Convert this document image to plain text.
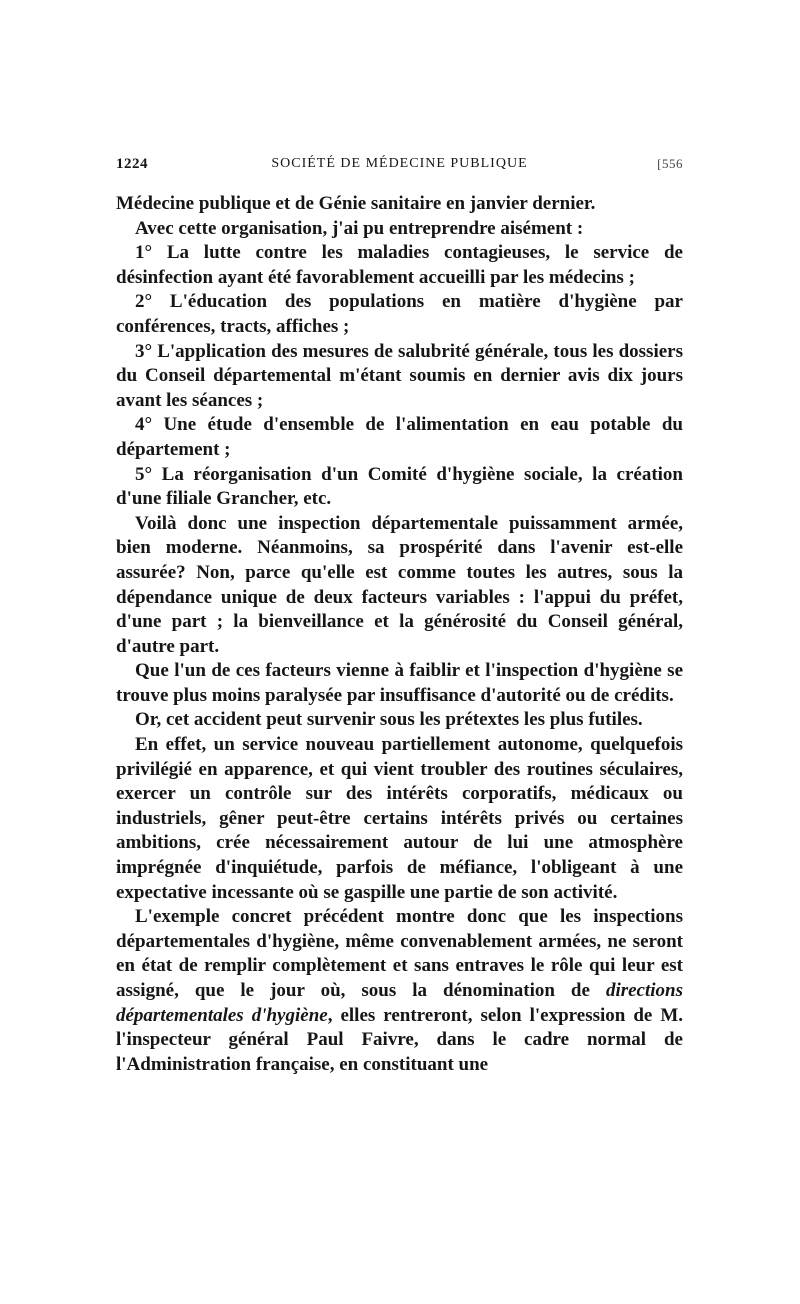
1224	SOCIÉTÉ DE MÉDECINE PUBLIQUE	[556

Médecine publique et de Génie sanitaire en janvier dernier.

Avec cette organisation, j'ai pu entreprendre aisément :

1° La lutte contre les maladies contagieuses, le service de désinfection ayant été favorablement accueilli par les médecins ;

2° L'éducation des populations en matière d'hygiène par conférences, tracts, affiches ;

3° L'application des mesures de salubrité générale, tous les dossiers du Conseil départemental m'étant soumis en dernier avis dix jours avant les séances ;

4° Une étude d'ensemble de l'alimentation en eau potable du département ;

5° La réorganisation d'un Comité d'hygiène sociale, la création d'une filiale Grancher, etc.

Voilà donc une inspection départementale puissamment armée, bien moderne. Néanmoins, sa prospérité dans l'avenir est-elle assurée? Non, parce qu'elle est comme toutes les autres, sous la dépendance unique de deux facteurs variables : l'appui du préfet, d'une part ; la bienveillance et la générosité du Conseil général, d'autre part.

Que l'un de ces facteurs vienne à faiblir et l'inspection d'hygiène se trouve plus moins paralysée par insuffisance d'autorité ou de crédits.

Or, cet accident peut survenir sous les prétextes les plus futiles.

En effet, un service nouveau partiellement autonome, quelquefois privilégié en apparence, et qui vient troubler des routines séculaires, exercer un contrôle sur des intérêts corporatifs, médicaux ou industriels, gêner peut-être certains intérêts privés ou certaines ambitions, crée nécessairement autour de lui une atmosphère imprégnée d'inquiétude, parfois de méfiance, l'obligeant à une expectative incessante où se gaspille une partie de son activité.

L'exemple concret précédent montre donc que les inspections départementales d'hygiène, même convenablement armées, ne seront en état de remplir complètement et sans entraves le rôle qui leur est assigné, que le jour où, sous la dénomination de directions départementales d'hygiène, elles rentreront, selon l'expression de M. l'inspecteur général Paul Faivre, dans le cadre normal de l'Administration française, en constituant une
